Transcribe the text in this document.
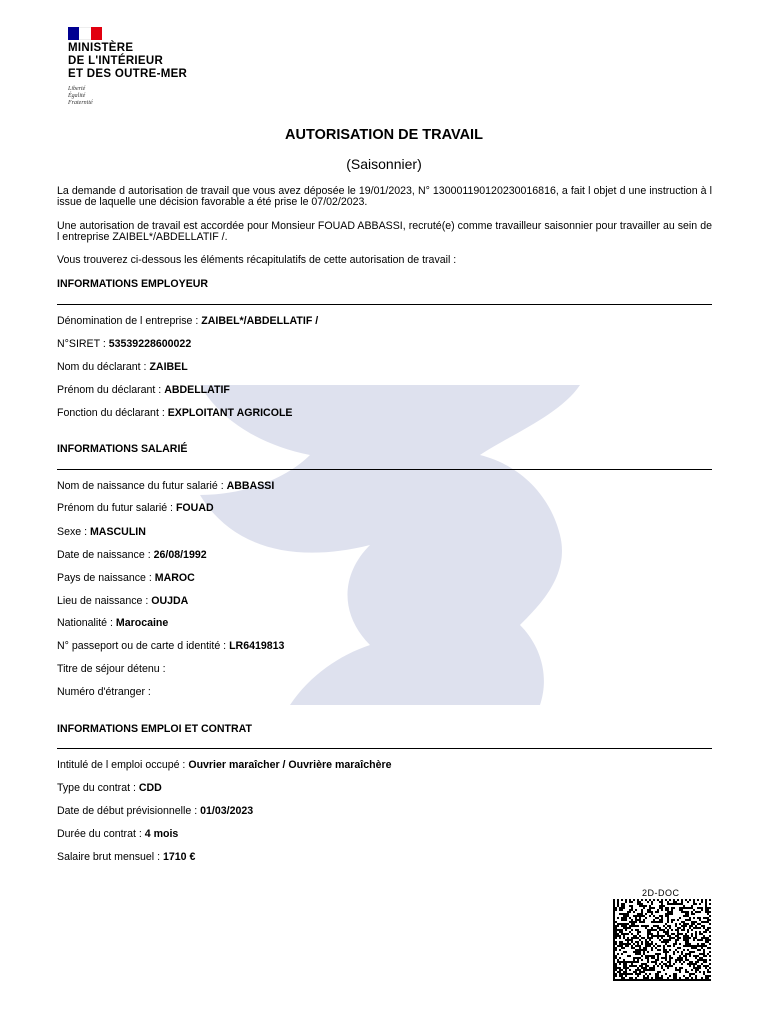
MINISTÈRE
DE L'INTÉRIEUR
ET DES OUTRE-MER
Liberté
Égalité
Fraternité
AUTORISATION DE TRAVAIL
(Saisonnier)
La demande d autorisation de travail que vous avez déposée le 19/01/2023, N° 130001190120230016816, a fait l objet d une instruction à l issue de laquelle une décision favorable a été prise le 07/02/2023.
Une autorisation de travail est accordée pour Monsieur FOUAD ABBASSI, recruté(e) comme travailleur saisonnier pour travailler au sein de l entreprise ZAIBEL*/ABDELLATIF /.
Vous trouverez ci-dessous les éléments récapitulatifs de cette autorisation de travail :
INFORMATIONS EMPLOYEUR
Dénomination de l entreprise : ZAIBEL*/ABDELLATIF /
N°SIRET : 53539228600022
Nom du déclarant : ZAIBEL
Prénom du déclarant : ABDELLATIF
Fonction du déclarant : EXPLOITANT AGRICOLE
INFORMATIONS SALARIÉ
Nom de naissance du futur salarié : ABBASSI
Prénom du futur salarié : FOUAD
Sexe : MASCULIN
Date de naissance : 26/08/1992
Pays de naissance : MAROC
Lieu de naissance : OUJDA
Nationalité : Marocaine
N° passeport ou de carte d identité : LR6419813
Titre de séjour détenu :
Numéro d'étranger :
INFORMATIONS EMPLOI ET CONTRAT
Intitulé de l emploi occupé : Ouvrier maraîcher / Ouvrière maraîchère
Type du contrat : CDD
Date de début prévisionnelle : 01/03/2023
Durée du contrat : 4 mois
Salaire brut mensuel : 1710 €
2D-DOC
